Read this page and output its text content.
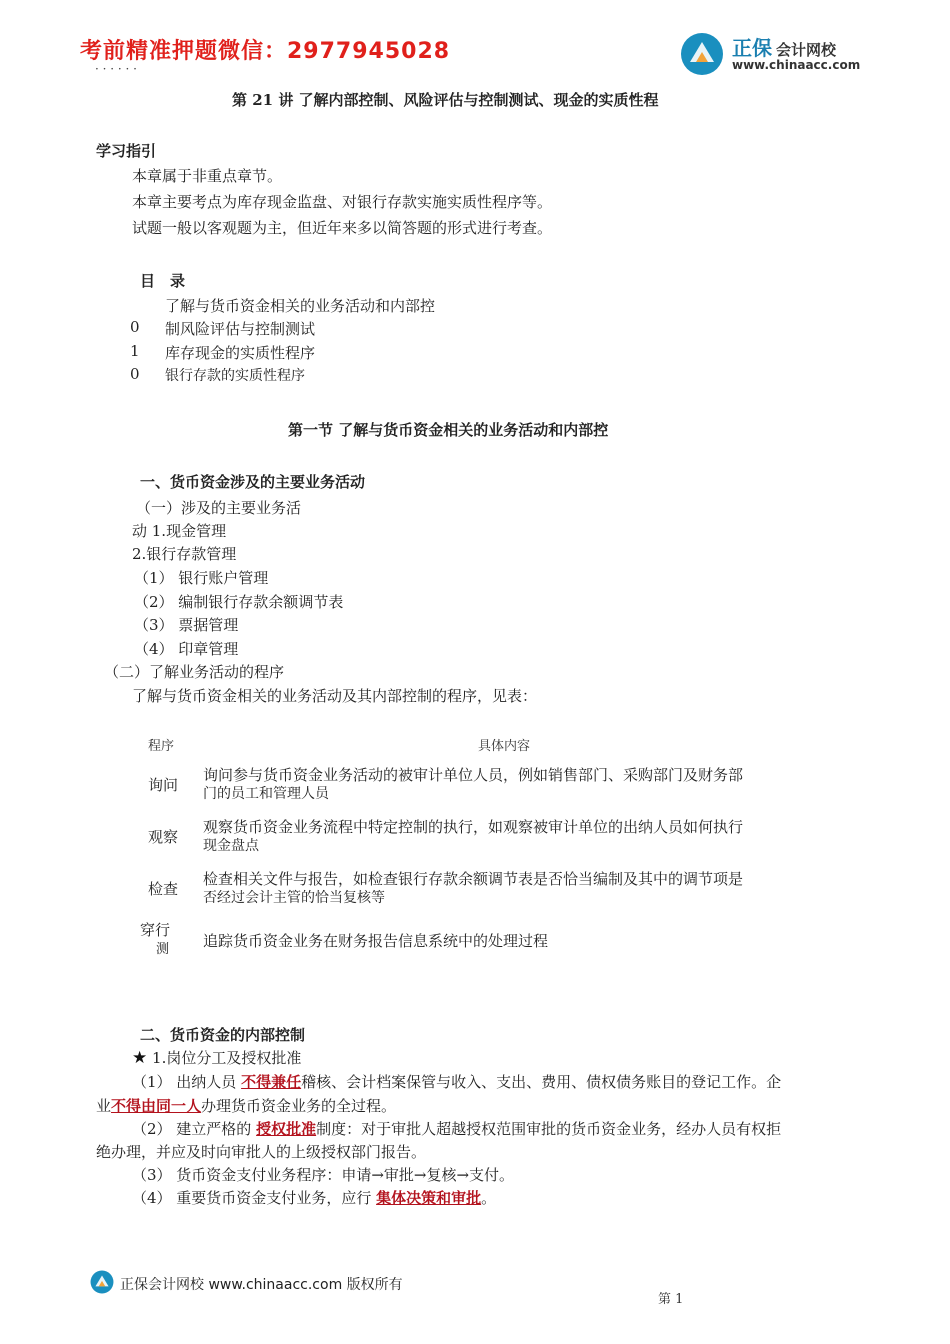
考前精准押题微信：2977945028	正保 会计网校
www.chinaacc.com
· · · · · ·
第 21 讲 了解内部控制、风险评估与控制测试、现金的实质性程
学习指引
本章属于非重点章节。
本章主要考点为库存现金监盘、对银行存款实施实质性程序等。
试题一般以客观题为主，但近年来多以简答题的形式进行考查。
目　录
了解与货币资金相关的业务活动和内部控
0 制风险评估与控制测试
1 库存现金的实质性程序
0 银行存款的实质性程序
第一节 了解与货币资金相关的业务活动和内部控
一、货币资金涉及的主要业务活动
（一）涉及的主要业务活
动 1.现金管理
2.银行存款管理
（1） 银行账户管理
（2） 编制银行存款余额调节表
（3） 票据管理
（4） 印章管理
（二）了解业务活动的程序
了解与货币资金相关的业务活动及其内部控制的程序，见表：
程序	具体内容
询问
询问参与货币资金业务活动的被审计单位人员，例如销售部门、采购部门及财务部
门的员工和管理人员
观察
观察货币资金业务流程中特定控制的执行，如观察被审计单位的出纳人员如何执行
现金盘点
检查
检查相关文件与报告，如检查银行存款余额调节表是否恰当编制及其中的调节项是
否经过会计主管的恰当复核等
穿行
测 追踪货币资金业务在财务报告信息系统中的处理过程
二、货币资金的内部控制
★ 1.岗位分工及授权批准
（1） 出纳人员 不得兼任稽核、会计档案保管与收入、支出、费用、债权债务账目的登记工作。企
业不得由同一人办理货币资金业务的全过程。
（2） 建立严格的 授权批准制度：对于审批人超越授权范围审批的货币资金业务，经办人员有权拒
绝办理，并应及时向审批人的上级授权部门报告。
（3） 货币资金支付业务程序：申请→审批→复核→支付。
（4） 重要货币资金支付业务，应行 集体决策和审批。
正保会计网校 www.chinaacc.com 版权所有
第 1
